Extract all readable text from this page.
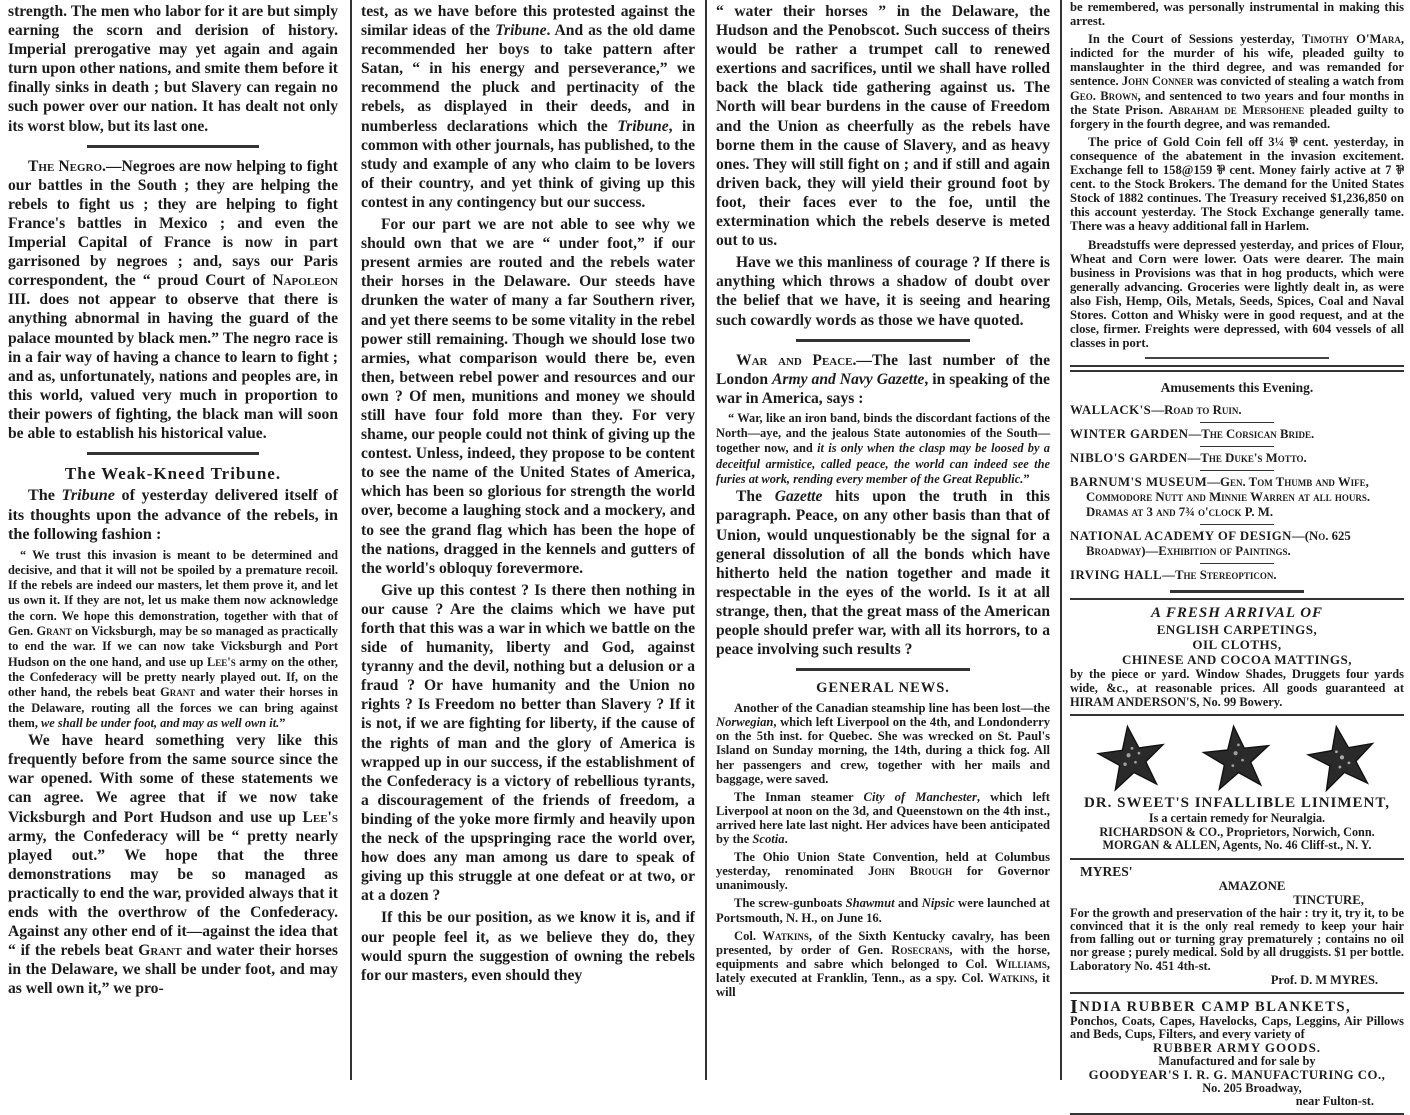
strength. The men who labor for it are but simply earning the scorn and derision of history. Imperial prerogative may yet again and again turn upon other nations, and smite them before it finally sinks in death ; but Slavery can regain no such power over our nation. It has dealt not only its worst blow, but its last one.

The Negro.—Negroes are now helping to fight our battles in the South ; they are helping the rebels to fight us ; they are helping to fight France's battles in Mexico ; and even the Imperial Capital of France is now in part garrisoned by negroes ; and, says our Paris correspondent, the “ proud Court of Napoleon III. does not appear to observe that there is anything abnormal in having the guard of the palace mounted by black men.” The negro race is in a fair way of having a chance to learn to fight ; and as, unfortunately, nations and peoples are, in this world, valued very much in proportion to their powers of fighting, the black man will soon be able to establish his historical value.

The Weak-Kneed Tribune.

The Tribune of yesterday delivered itself of its thoughts upon the advance of the rebels, in the following fashion :

“ We trust this invasion is meant to be determined and decisive, and that it will not be spoiled by a premature recoil. If the rebels are indeed our masters, let them prove it, and let us own it. If they are not, let us make them now acknowledge the corn. We hope this demonstration, together with that of Gen. Grant on Vicksburgh, may be so managed as practically to end the war. If we can now take Vicksburgh and Port Hudson on the one hand, and use up Lee's army on the other, the Confederacy will be pretty nearly played out. If, on the other hand, the rebels beat Grant and water their horses in the Delaware, routing all the forces we can bring against them, we shall be under foot, and may as well own it.”

We have heard something very like this frequently before from the same source since the war opened. With some of these statements we can agree. We agree that if we now take Vicksburgh and Port Hudson and use up Lee's army, the Confederacy will be “ pretty nearly played out.” We hope that the three demonstrations may be so managed as practically to end the war, provided always that it ends with the overthrow of the Confederacy. Against any other end of it—against the idea that “ if the rebels beat Grant and water their horses in the Delaware, we shall be under foot, and may as well own it,” we pro-

test, as we have before this protested against the similar ideas of the Tribune. And as the old dame recommended her boys to take pattern after Satan, “ in his energy and perseverance,” we recommend the pluck and pertinacity of the rebels, as displayed in their deeds, and in numberless declarations which the Tribune, in common with other journals, has published, to the study and example of any who claim to be lovers of their country, and yet think of giving up this contest in any contingency but our success.

For our part we are not able to see why we should own that we are “ under foot,” if our present armies are routed and the rebels water their horses in the Delaware. Our steeds have drunken the water of many a far Southern river, and yet there seems to be some vitality in the rebel power still remaining. Though we should lose two armies, what comparison would there be, even then, between rebel power and resources and our own ? Of men, munitions and money we should still have four fold more than they. For very shame, our people could not think of giving up the contest. Unless, indeed, they propose to be content to see the name of the United States of America, which has been so glorious for strength the world over, become a laughing stock and a mockery, and to see the grand flag which has been the hope of the nations, dragged in the kennels and gutters of the world's obloquy forevermore.

Give up this contest ? Is there then nothing in our cause ? Are the claims which we have put forth that this was a war in which we battle on the side of humanity, liberty and God, against tyranny and the devil, nothing but a delusion or a fraud ? Or have humanity and the Union no rights ? Is Freedom no better than Slavery ? If it is not, if we are fighting for liberty, if the cause of the rights of man and the glory of America is wrapped up in our success, if the establishment of the Confederacy is a victory of rebellious tyrants, a discouragement of the friends of freedom, a binding of the yoke more firmly and heavily upon the neck of the upspringing race the world over, how does any man among us dare to speak of giving up this struggle at one defeat or at two, or at a dozen ?

If this be our position, as we know it is, and if our people feel it, as we believe they do, they would spurn the suggestion of owning the rebels for our masters, even should they

“ water their horses ” in the Delaware, the Hudson and the Penobscot. Such success of theirs would be rather a trumpet call to renewed exertions and sacrifices, until we shall have rolled back the black tide gathering against us. The North will bear burdens in the cause of Freedom and the Union as cheerfully as the rebels have borne them in the cause of Slavery, and as heavy ones. They will still fight on ; and if still and again driven back, they will yield their ground foot by foot, their faces ever to the foe, until the extermination which the rebels deserve is meted out to us.

Have we this manliness of courage ? If there is anything which throws a shadow of doubt over the belief that we have, it is seeing and hearing such cowardly words as those we have quoted.

War and Peace.—The last number of the London Army and Navy Gazette, in speaking of the war in America, says :

“ War, like an iron band, binds the discordant factions of the North—aye, and the jealous State autonomies of the South—together now, and it is only when the clasp may be loosed by a deceitful armistice, called peace, the world can indeed see the furies at work, rending every member of the Great Republic.”

The Gazette hits upon the truth in this paragraph. Peace, on any other basis than that of Union, would unquestionably be the signal for a general dissolution of all the bonds which have hitherto held the nation together and made it respectable in the eyes of the world. Is it at all strange, then, that the great mass of the American people should prefer war, with all its horrors, to a peace involving such results ?

GENERAL NEWS.

Another of the Canadian steamship line has been lost—the Norwegian, which left Liverpool on the 4th, and Londonderry on the 5th inst. for Quebec. She was wrecked on St. Paul's Island on Sunday morning, the 14th, during a thick fog. All her passengers and crew, together with her mails and baggage, were saved.

The Inman steamer City of Manchester, which left Liverpool at noon on the 3d, and Queenstown on the 4th inst., arrived here late last night. Her advices have been anticipated by the Scotia.

The Ohio Union State Convention, held at Columbus yesterday, renominated John Brough for Governor unanimously.

The screw-gunboats Shawmut and Nipsic were launched at Portsmouth, N. H., on June 16.

Col. Watkins, of the Sixth Kentucky cavalry, has been presented, by order of Gen. Rosecrans, with the horse, equipments and sabre which belonged to Col. Williams, lately executed at Franklin, Tenn., as a spy. Col. Watkins, it will

be remembered, was personally instrumental in making this arrest.

In the Court of Sessions yesterday, Timothy O'Mara, indicted for the murder of his wife, pleaded guilty to manslaughter in the third degree, and was remanded for sentence. John Conner was convicted of stealing a watch from Geo. Brown, and sentenced to two years and four months in the State Prison. Abraham de Mersohene pleaded guilty to forgery in the fourth degree, and was remanded.

The price of Gold Coin fell off 3¼ ⅌ cent. yesterday, in consequence of the abatement in the invasion excitement. Exchange fell to 158@159 ⅌ cent. Money fairly active at 7 ⅌ cent. to the Stock Brokers. The demand for the United States Stock of 1882 continues. The Treasury received $1,236,850 on this account yesterday. The Stock Exchange generally tame. There was a heavy additional fall in Harlem.

Breadstuffs were depressed yesterday, and prices of Flour, Wheat and Corn were lower. Oats were dearer. The main business in Provisions was that in hog products, which were generally advancing. Groceries were lightly dealt in, as were also Fish, Hemp, Oils, Metals, Seeds, Spices, Coal and Naval Stores. Cotton and Whisky were in good request, and at the close, firmer. Freights were depressed, with 604 vessels of all classes in port.

Amusements this Evening.
WALLACK'S—Road to Ruin.
WINTER GARDEN—The Corsican Bride.
NIBLO'S GARDEN—The Duke's Motto.
BARNUM'S MUSEUM—Gen. Tom Thumb and Wife, Commodore Nutt and Minnie Warren at all hours. Dramas at 3 and 7¾ o'clock P. M.
NATIONAL ACADEMY OF DESIGN—(No. 625 Broadway)—Exhibition of Paintings.
IRVING HALL—The Stereopticon.
A FRESH ARRIVAL OF
ENGLISH CARPETINGS,
OIL CLOTHS,
CHINESE AND COCOA MATTINGS,

by the piece or yard. Window Shades, Druggets four yards wide, &c., at reasonable prices. All goods guaranteed at HIRAM ANDERSON'S, No. 99 Bowery.

DR. SWEET'S INFALLIBLE LINIMENT,
Is a certain remedy for Neuralgia.
RICHARDSON & CO., Proprietors, Norwich, Conn.
MORGAN & ALLEN, Agents, No. 46 Cliff-st., N. Y.
MYRES'
AMAZONE
TINCTURE,

For the growth and preservation of the hair : try it, try it, to be convinced that it is the only real remedy to keep your hair from falling out or turning gray prematurely ; contains no oil nor grease ; purely medical. Sold by all druggists. $1 per bottle. Laboratory No. 451 4th-st.

Prof. D. M MYRES.
I NDIA RUBBER CAMP BLANKETS,

Ponchos, Coats, Capes, Havelocks, Caps, Leggins, Air Pillows and Beds, Cups, Filters, and every variety of

RUBBER ARMY GOODS.
Manufactured and for sale by
GOODYEAR'S I. R. G. MANUFACTURING CO.,
No. 205 Broadway,
near Fulton-st.
